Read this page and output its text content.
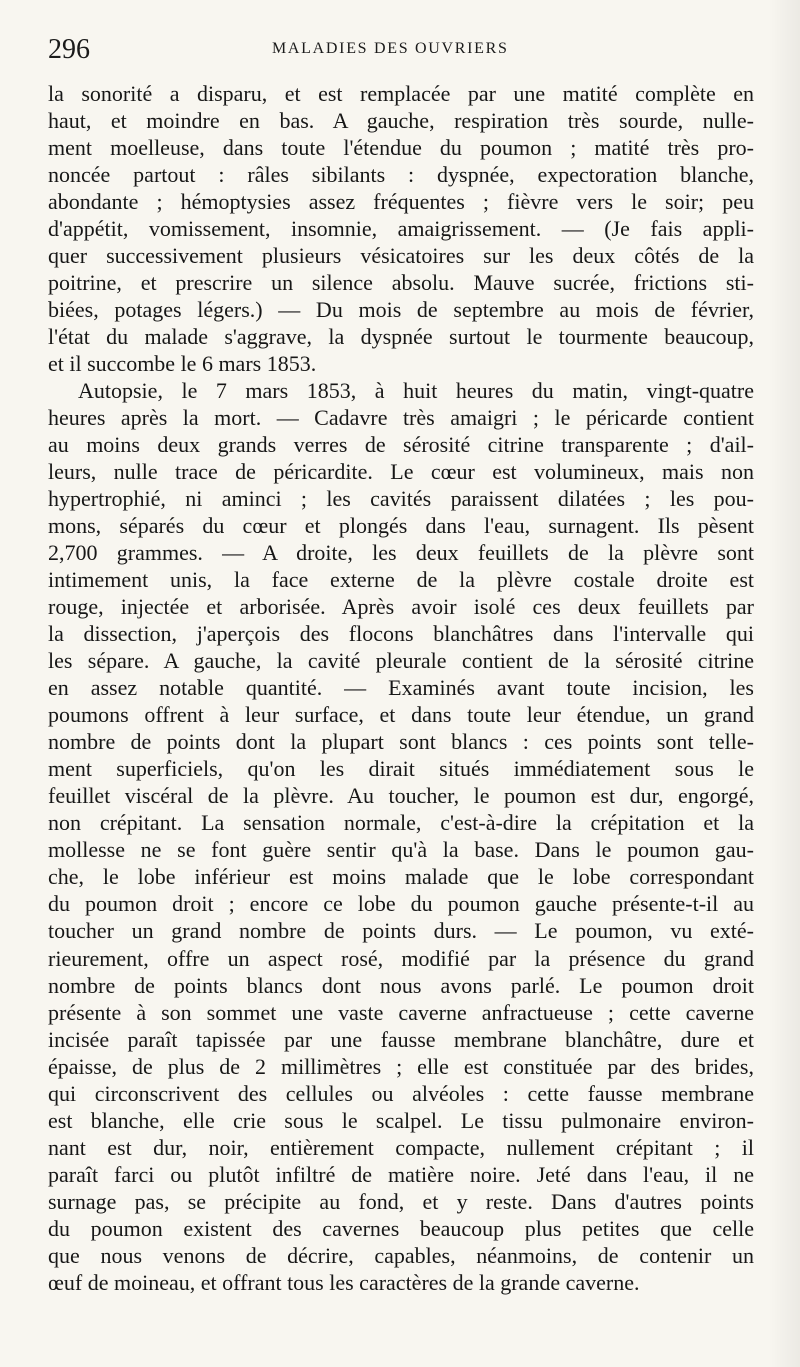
296	MALADIES DES OUVRIERS
la sonorité a disparu, et est remplacée par une matité complète en
haut, et moindre en bas. A gauche, respiration très sourde, nulle-
ment moelleuse, dans toute l'étendue du poumon ; matité très pro-
noncée partout : râles sibilants : dyspnée, expectoration blanche,
abondante ; hémoptysies assez fréquentes ; fièvre vers le soir; peu
d'appétit, vomissement, insomnie, amaigrissement. — (Je fais appli-
quer successivement plusieurs vésicatoires sur les deux côtés de la
poitrine, et prescrire un silence absolu. Mauve sucrée, frictions sti-
biées, potages légers.) — Du mois de septembre au mois de février,
l'état du malade s'aggrave, la dyspnée surtout le tourmente beaucoup,
et il succombe le 6 mars 1853.
Autopsie, le 7 mars 1853, à huit heures du matin, vingt-quatre
heures après la mort. — Cadavre très amaigri ; le péricarde contient
au moins deux grands verres de sérosité citrine transparente ; d'ail-
leurs, nulle trace de péricardite. Le cœur est volumineux, mais non
hypertrophié, ni aminci ; les cavités paraissent dilatées ; les pou-
mons, séparés du cœur et plongés dans l'eau, surnagent. Ils pèsent
2,700 grammes. — A droite, les deux feuillets de la plèvre sont
intimement unis, la face externe de la plèvre costale droite est
rouge, injectée et arborisée. Après avoir isolé ces deux feuillets par
la dissection, j'aperçois des flocons blanchâtres dans l'intervalle qui
les sépare. A gauche, la cavité pleurale contient de la sérosité citrine
en assez notable quantité. — Examinés avant toute incision, les
poumons offrent à leur surface, et dans toute leur étendue, un grand
nombre de points dont la plupart sont blancs : ces points sont telle-
ment superficiels, qu'on les dirait situés immédiatement sous le
feuillet viscéral de la plèvre. Au toucher, le poumon est dur, engorgé,
non crépitant. La sensation normale, c'est-à-dire la crépitation et la
mollesse ne se font guère sentir qu'à la base. Dans le poumon gau-
che, le lobe inférieur est moins malade que le lobe correspondant
du poumon droit ; encore ce lobe du poumon gauche présente-t-il au
toucher un grand nombre de points durs. — Le poumon, vu exté-
rieurement, offre un aspect rosé, modifié par la présence du grand
nombre de points blancs dont nous avons parlé. Le poumon droit
présente à son sommet une vaste caverne anfractueuse ; cette caverne
incisée paraît tapissée par une fausse membrane blanchâtre, dure et
épaisse, de plus de 2 millimètres ; elle est constituée par des brides,
qui circonscrivent des cellules ou alvéoles : cette fausse membrane
est blanche, elle crie sous le scalpel. Le tissu pulmonaire environ-
nant est dur, noir, entièrement compacte, nullement crépitant ; il
paraît farci ou plutôt infiltré de matière noire. Jeté dans l'eau, il ne
surnage pas, se précipite au fond, et y reste. Dans d'autres points
du poumon existent des cavernes beaucoup plus petites que celle
que nous venons de décrire, capables, néanmoins, de contenir un
œuf de moineau, et offrant tous les caractères de la grande caverne.
